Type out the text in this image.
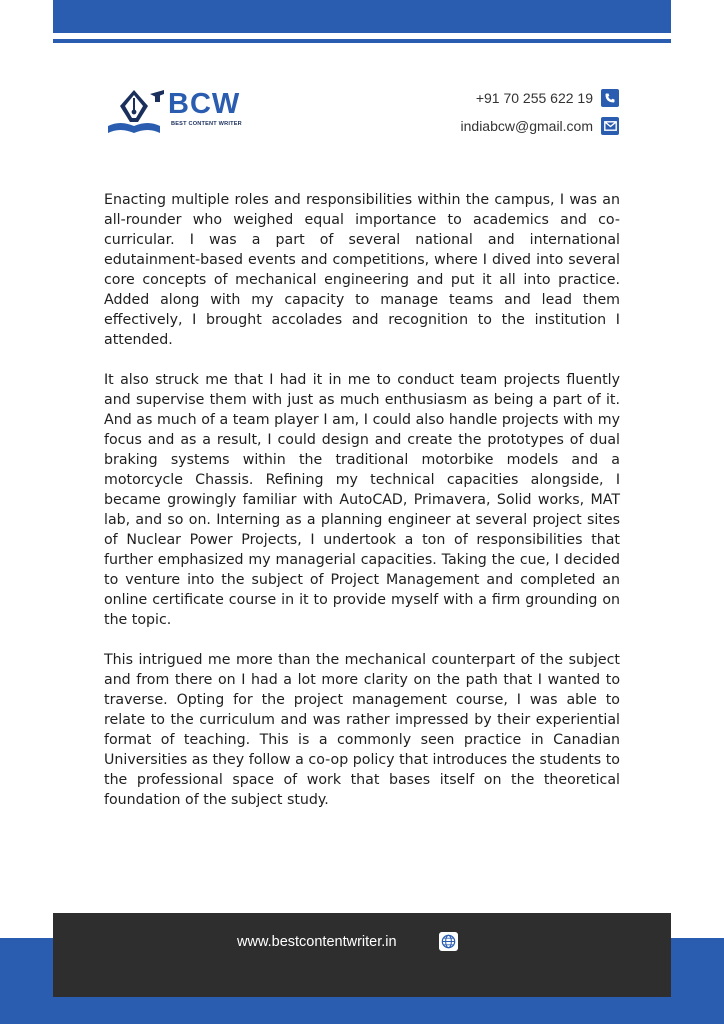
BCW
BEST CONTENT WRITER
+91 70 255 622 19
indiabcw@gmail.com

Enacting multiple roles and responsibilities within the campus, I was an all-rounder who weighed equal importance to academics and co-curricular. I was a part of several national and international edutainment-based events and competitions, where I dived into several core concepts of mechanical engineering and put it all into practice. Added along with my capacity to manage teams and lead them effectively, I brought accolades and recognition to the institution I attended.

It also struck me that I had it in me to conduct team projects fluently and supervise them with just as much enthusiasm as being a part of it. And as much of a team player I am, I could also handle projects with my focus and as a result, I could design and create the prototypes of dual braking systems within the traditional motorbike models and a motorcycle Chassis. Refining my technical capacities alongside, I became growingly familiar with AutoCAD, Primavera, Solid works, MAT lab, and so on. Interning as a planning engineer at several project sites of Nuclear Power Projects, I undertook a ton of responsibilities that further emphasized my managerial capacities. Taking the cue, I decided to venture into the subject of Project Management and completed an online certificate course in it to provide myself with a firm grounding on the topic.

This intrigued me more than the mechanical counterpart of the subject and from there on I had a lot more clarity on the path that I wanted to traverse. Opting for the project management course, I was able to relate to the curriculum and was rather impressed by their experiential format of teaching. This is a commonly seen practice in Canadian Universities as they follow a co-op policy that introduces the students to the professional space of work that bases itself on the theoretical foundation of the subject study.

www.bestcontentwriter.in
